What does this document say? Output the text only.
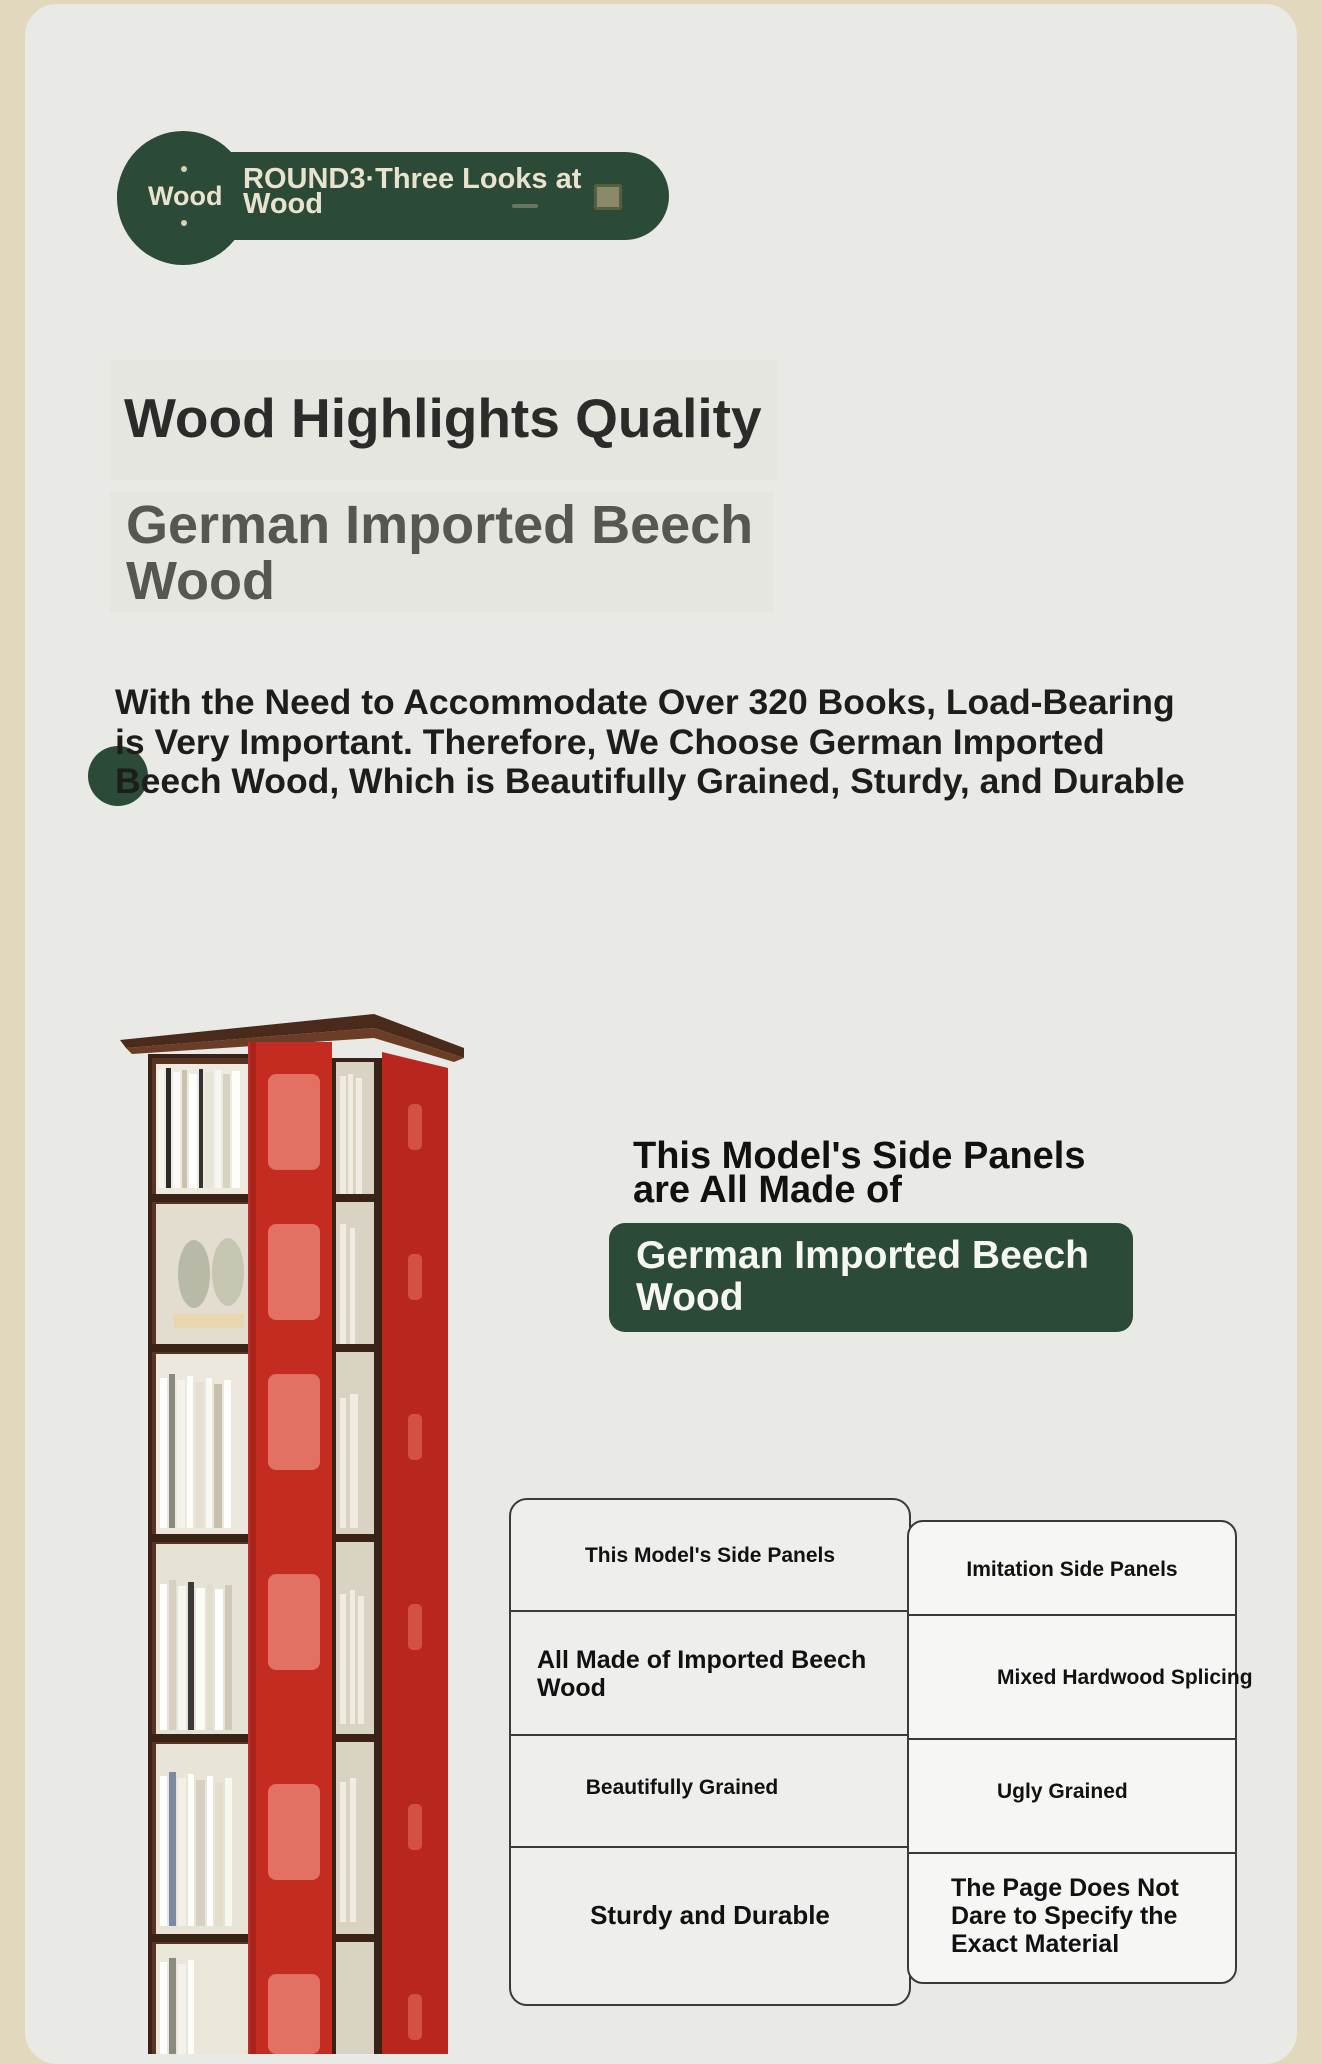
Wood
ROUND3·Three Looks at Wood
Wood Highlights Quality
German Imported Beech Wood
With the Need to Accommodate Over 320 Books, Load-Bearing is Very Important. Therefore, We Choose German Imported Beech Wood, Which is Beautifully Grained, Sturdy, and Durable
This Model's Side Panels are All Made of
German Imported Beech Wood
This Model's Side Panels
All Made of Imported Beech Wood
Beautifully Grained
Sturdy and Durable
Imitation Side Panels
Mixed Hardwood Splicing
Ugly Grained
The Page Does Not Dare to Specify the Exact Material
